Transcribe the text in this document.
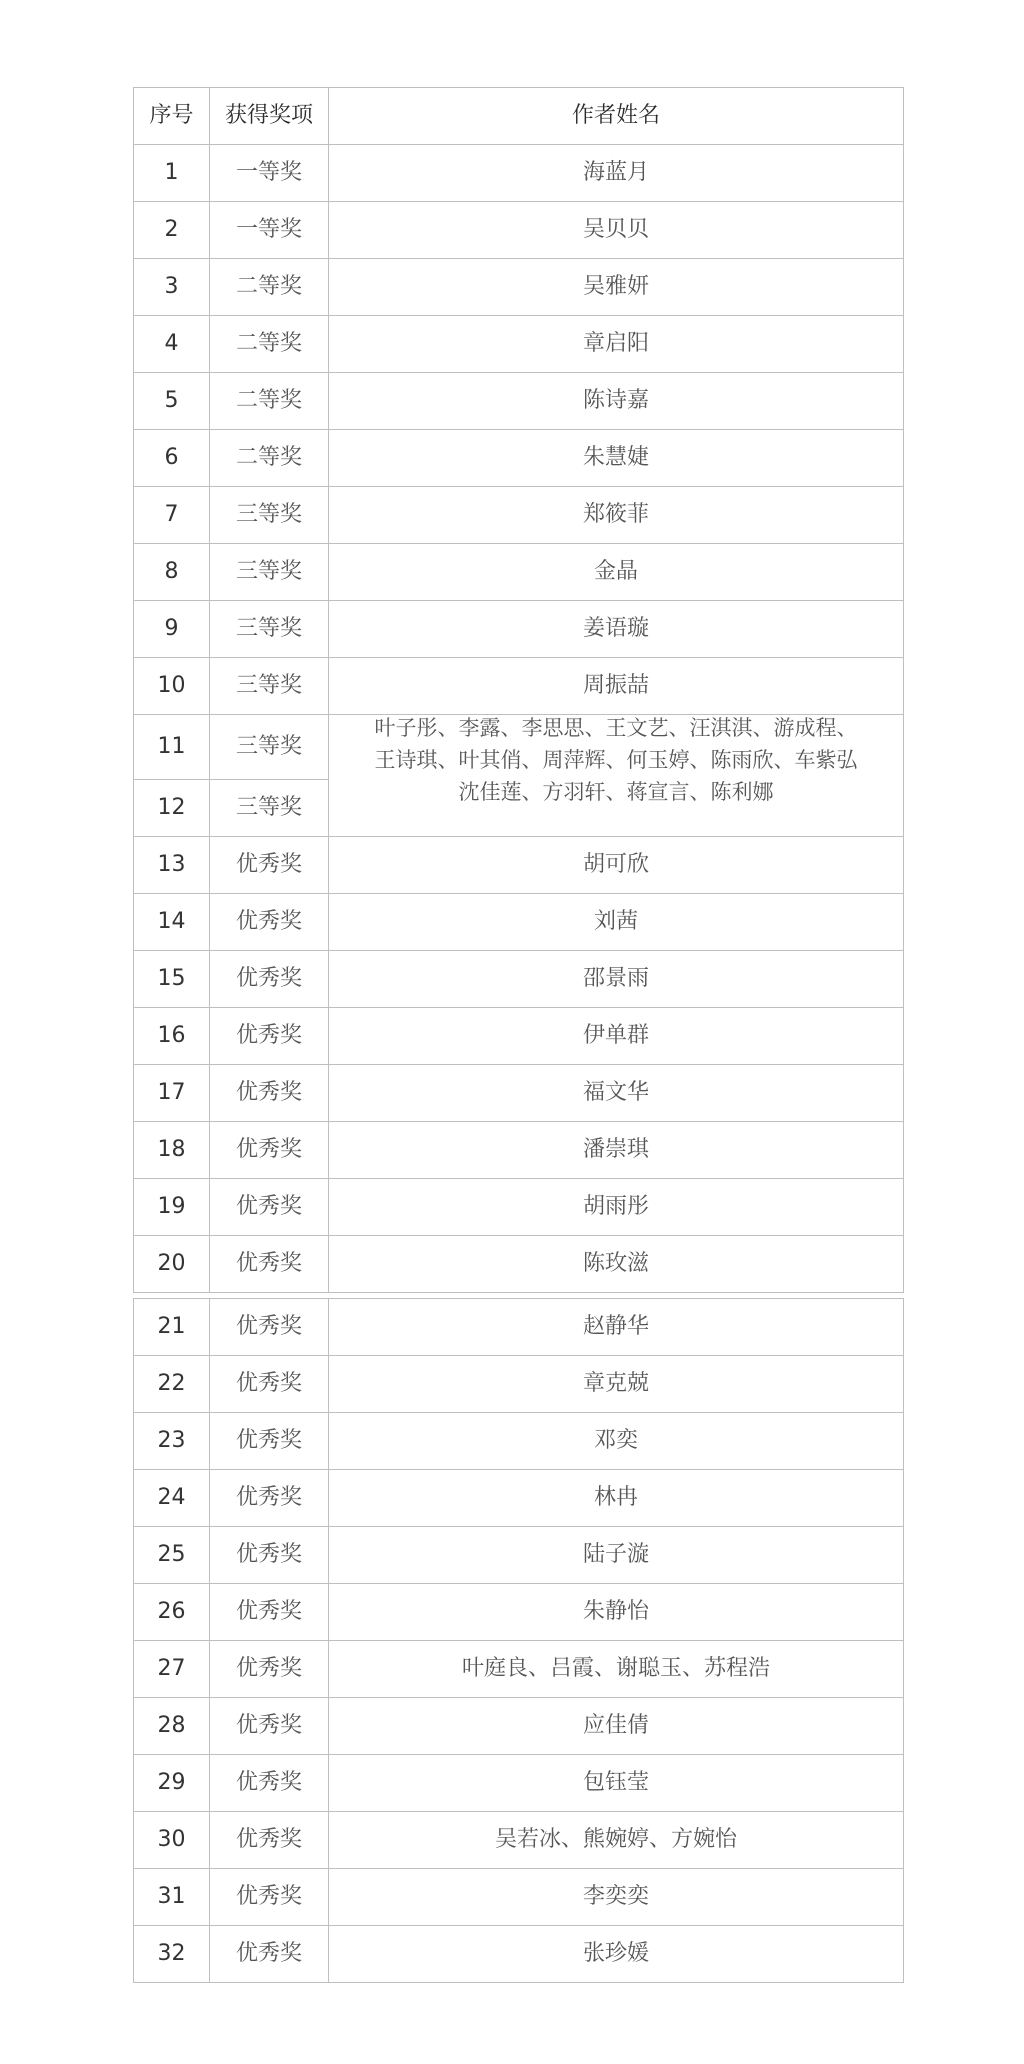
序号	获得奖项	作者姓名
1	一等奖	海蓝月
2	一等奖	吴贝贝
3	二等奖	吴雅妍
4	二等奖	章启阳
5	二等奖	陈诗嘉
6	二等奖	朱慧婕
7	三等奖	郑筱菲
8	三等奖	金晶
9	三等奖	姜语璇
10	三等奖	周振喆
11	三等奖	叶子彤、李露、李思思、王文艺、汪淇淇、游成程、
王诗琪、叶其俏、周萍辉、何玉婷、陈雨欣、车紫弘
沈佳莲、方羽轩、蒋宣言、陈利娜

12	三等奖	
13	优秀奖	胡可欣
14	优秀奖	刘茜
15	优秀奖	邵景雨
16	优秀奖	伊单群
17	优秀奖	福文华
18	优秀奖	潘崇琪
19	优秀奖	胡雨彤
20	优秀奖	陈玫滋
21	优秀奖	赵静华
22	优秀奖	章克兢
23	优秀奖	邓奕
24	优秀奖	林冉
25	优秀奖	陆子漩
26	优秀奖	朱静怡
27	优秀奖	叶庭良、吕霞、谢聪玉、苏程浩
28	优秀奖	应佳倩
29	优秀奖	包钰莹
30	优秀奖	吴若冰、熊婉婷、方婉怡
31	优秀奖	李奕奕
32	优秀奖	张珍媛
